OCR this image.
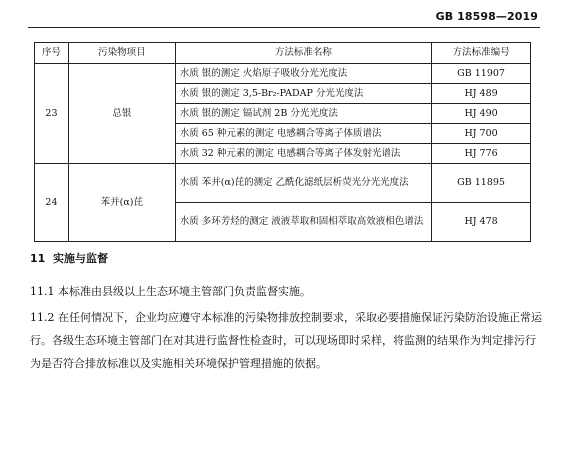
GB 18598—2019
序号	污染物项目	方法标准名称	方法标准编号
23	总银	水质 银的测定 火焰原子吸收分光光度法	GB 11907
		水质 银的测定 3,5-Br₂-PADAP 分光光度法	HJ 489
		水质 银的测定 镉试剂 2B 分光光度法	HJ 490
		水质 65 种元素的测定 电感耦合等离子体质谱法	HJ 700
		水质 32 种元素的测定 电感耦合等离子体发射光谱法	HJ 776
24	苯并(α)芘	水质 苯并(α)芘的测定 乙酰化滤纸层析荧光分光光度法	GB 11895
		水质 多环芳烃的测定 液液萃取和固相萃取高效液相色谱法	HJ 478
11 实施与监督

11.1 本标准由县级以上生态环境主管部门负责监督实施。

11.2 在任何情况下，企业均应遵守本标准的污染物排放控制要求，采取必要措施保证污染防治设施正常运行。各级生态环境主管部门在对其进行监督性检查时，可以现场即时采样，将监测的结果作为判定排污行为是否符合排放标准以及实施相关环境保护管理措施的依据。
